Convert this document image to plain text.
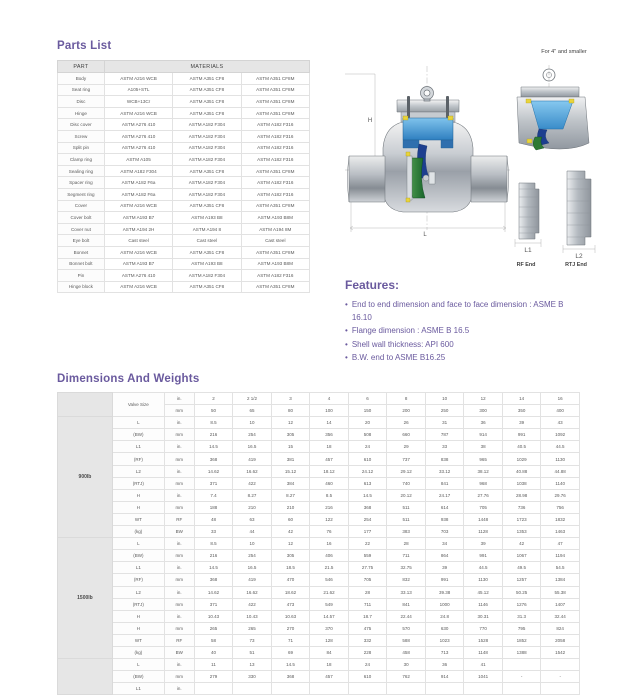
Parts List
PART	MATERIALS		
Body	ASTM A216 WCB	ASTM A351 CF8	ASTM A351 CF8M
Seat ring	A105+STL	ASTM A351 CF8	ASTM A351 CF8M
Disc	WCB+13Cr	ASTM A351 CF8	ASTM A351 CF8M
Hinge	ASTM A216 WCB	ASTM A351 CF8	ASTM A351 CF8M
Disc cover	ASTM A276 410	ASTM A182 F304	ASTM A182 F316
Screw	ASTM A276 410	ASTM A182 F304	ASTM A182 F316
Split pin	ASTM A276 410	ASTM A182 F304	ASTM A182 F316
Clamp ring	ASTM A105	ASTM A182 F304	ASTM A182 F316
Sealing ring	ASTM A182 F304	ASTM A351 CF8	ASTM A351 CF8M
Spacer ring	ASTM A182 F6a	ASTM A182 F304	ASTM A182 F316
Segment ring	ASTM A182 F6a	ASTM A182 F304	ASTM A182 F316
Cover	ASTM A216 WCB	ASTM A351 CF8	ASTM A351 CF8M
Cover bolt	ASTM A193 B7	ASTM A193 B8	ASTM A193 B8M
Cover nut	ASTM A194 2H	ASTM A194 8	ASTM A194 8M
Eye bolt	Cast steel	Cast steel	Cast steel
Bonnet	ASTM A216 WCB	ASTM A351 CF8	ASTM A351 CF8M
Bonnet bolt	ASTM A193 B7	ASTM A193 B8	ASTM A193 B8M
Pin	ASTM A276 410	ASTM A182 F304	ASTM A182 F316
Hinge block	ASTM A216 WCB	ASTM A351 CF8	ASTM A351 CF8M
L
H
For 4" and smaller
L1
L2
RF End	RTJ End
Features:
• End to end dimension and face to face dimension : ASME B 16.10
• Flange dimension : ASME B 16.5
• Shell wall thickness: API 600
• B.W. end to ASME B16.25
Dimensions And Weights
	Valve Size	in.	2	2 1/2	3	4	6	8	10	12	14	16
		mm	50	65	80	100	150	200	250	300	350	400
900lb	L	in.	8.5	10	12	14	20	26	31	36	39	43
	(BW)	mm	216	254	305	356	508	660	787	914	991	1092
	L1	in.	14.5	16.5	15	18	24	29	33	38	40.5	44.5
	(RF)	mm	368	419	381	457	610	737	838	965	1029	1130
	L2	in.	14.62	16.62	15.12	18.12	24.12	29.12	33.12	38.12	40.88	44.88
	(RTJ)	mm	371	422	384	460	613	740	841	968	1038	1140
	H	in.	7.4	8.27	8.27	8.5	14.5	20.12	24.17	27.76	28.98	29.76
	H	mm	188	210	210	216	368	511	614	705	736	756
	WT	RF	48	63	60	122	254	511	938	1448	1723	1832
	(kg)	BW	33	44	42	76	177	383	703	1128	1353	1463
1500lb	L	in.	8.5	10	12	16	22	28	34	39	42	47
	(BW)	mm	216	254	305	406	559	711	864	991	1067	1194
	L1	in.	14.5	16.5	18.5	21.5	27.75	32.75	39	44.5	49.5	54.5
	(RF)	mm	368	419	470	546	705	832	991	1130	1257	1384
	L2	in.	14.62	16.62	18.62	21.62	28	33.13	39.38	45.12	50.25	55.38
	(RTJ)	mm	371	422	473	549	711	841	1000	1146	1276	1407
	H	in.	10.43	10.43	10.63	14.57	18.7	22.44	24.8	30.31	31.3	32.44
	H	mm	265	265	270	370	475	570	630	770	795	824
	WT	RF	58	73	71	128	332	588	1023	1528	1852	2058
	(kg)	BW	40	51	69	84	228	458	713	1148	1388	1542
	L	in.	11	13	14.5	18	24	30	36	41		
	(BW)	mm	279	330	368	457	610	762	914	1041	-	-
	L1	in.										
